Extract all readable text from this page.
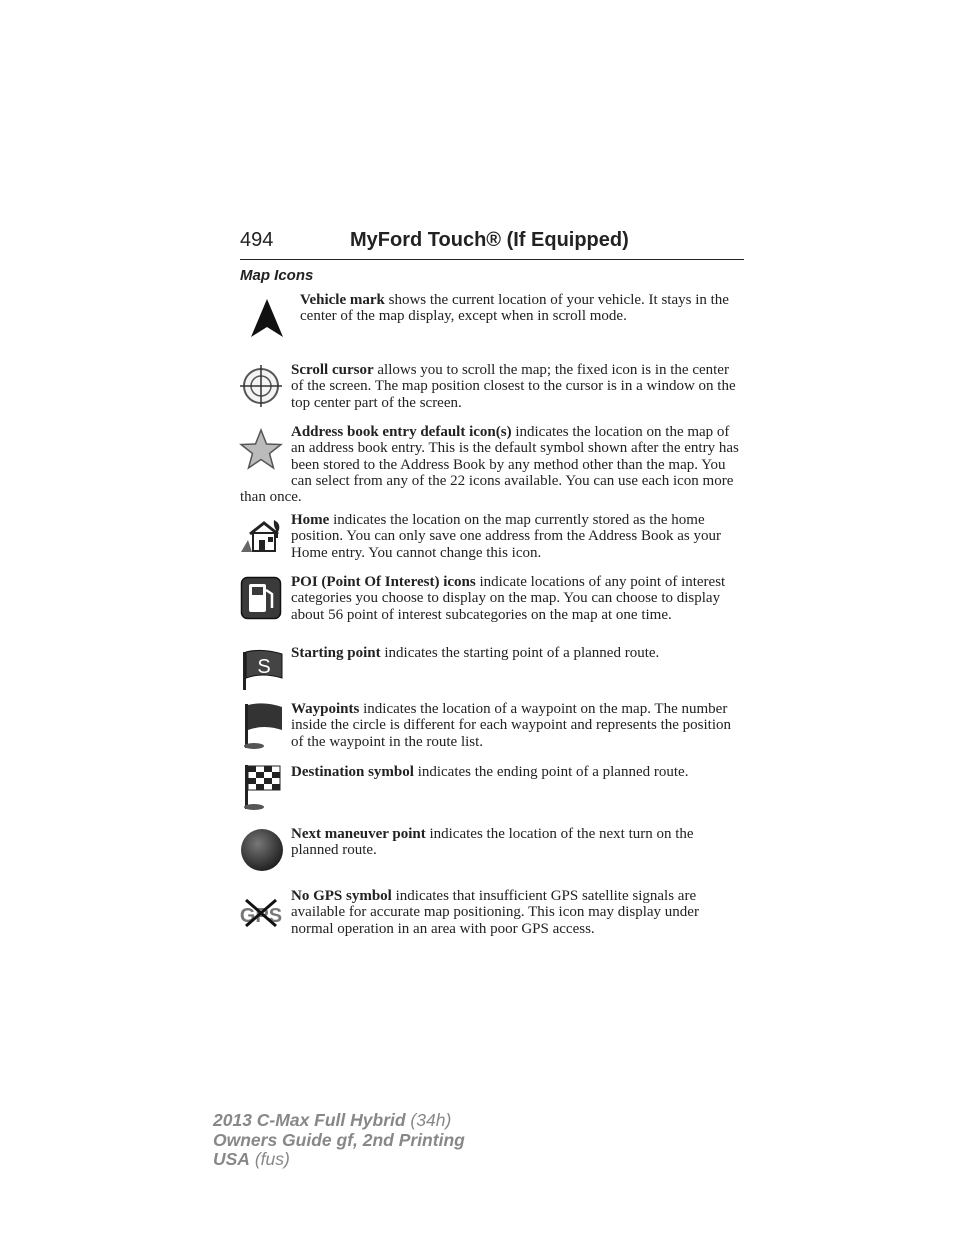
494	MyFord Touch® (If Equipped)
Map Icons
Vehicle mark shows the current location of your vehicle. It stays in the center of the map display, except when in scroll mode.
Scroll cursor allows you to scroll the map; the fixed icon is in the center of the screen. The map position closest to the cursor is in a window on the top center part of the screen.
Address book entry default icon(s) indicates the location on the map of an address book entry. This is the default symbol shown after the entry has been stored to the Address Book by any method other than the map. You can select from any of the 22 icons available. You can use each icon more than once.
Home indicates the location on the map currently stored as the home position. You can only save one address from the Address Book as your Home entry. You cannot change this icon.
POI (Point Of Interest) icons indicate locations of any point of interest categories you choose to display on the map. You can choose to display about 56 point of interest subcategories on the map at one time.
S
Starting point indicates the starting point of a planned route.
Waypoints indicates the location of a waypoint on the map. The number inside the circle is different for each waypoint and represents the position of the waypoint in the route list.
Destination symbol indicates the ending point of a planned route.
Next maneuver point indicates the location of the next turn on the planned route.
GPS
No GPS symbol indicates that insufficient GPS satellite signals are available for accurate map positioning. This icon may display under normal operation in an area with poor GPS access.
2013 C-Max Full Hybrid (34h)
Owners Guide gf, 2nd Printing
USA (fus)
